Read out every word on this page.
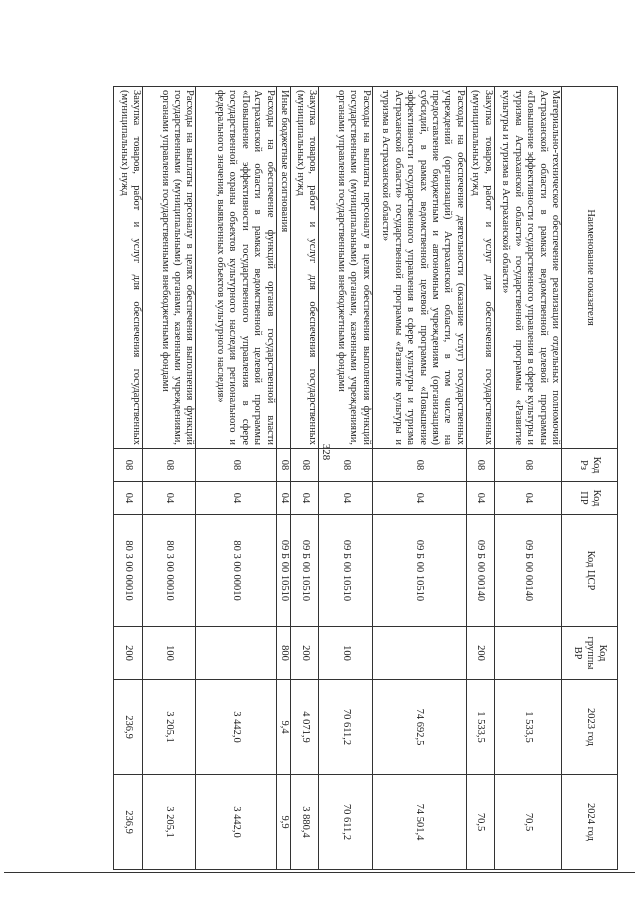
328
Наименование показателя	Код Рз	Код ПР	Код ЦСР	Код группы ВР	2023 год	2024 год
Материально-техническое обеспечение реализации отдельных полномочий Астраханской области в рамках ведомственной целевой программы «Повышение эффективности государственного управления в сфере культуры и туризма Астраханской области» государственной программы «Развитие культуры и туризма в Астраханской области»	08	04	09 Б 00 00140		1 533,5	70,5
Закупка товаров, работ и услуг для обеспечения государственных (муниципальных) нужд	08	04	09 Б 00 00140	200	1 533,5	70,5
Расходы на обеспечение деятельности (оказание услуг) государственных учреждений (организаций) Астраханской области, в том числе на предоставление бюджетным и автономным учреждениям (организациям) субсидий, в рамках ведомственной целевой программы «Повышение эффективности государственного управления в сфере культуры и туризма Астраханской области» государственной программы «Развитие культуры и туризма в Астраханской области»	08	04	09 Б 00 10510		74 692,5	74 501,4
Расходы на выплаты персоналу в целях обеспечения выполнения функций государственными (муниципальными) органами, казенными учреждениями, органами управления государственными внебюджетными фондами	08	04	09 Б 00 10510	100	70 611,2	70 611,2
Закупка товаров, работ и услуг для обеспечения государственных (муниципальных) нужд	08	04	09 Б 00 10510	200	4 071,9	3 880,4
Иные бюджетные ассигнования	08	04	09 Б 00 10510	800	9,4	9,9
Расходы на обеспечение функций органов государственной власти Астраханской области в рамках ведомственной целевой программы «Повышение эффективности государственного управления в сфере государственной охраны объектов культурного наследия регионального и федерального значения, выявленных объектов культурного наследия»	08	04	80 3 00 00010		3 442,0	3 442,0
Расходы на выплаты персоналу в целях обеспечения выполнения функций государственными (муниципальными) органами, казенными учреждениями, органами управления государственными внебюджетными фондами	08	04	80 3 00 00010	100	3 205,1	3 205,1
Закупка товаров, работ и услуг для обеспечения государственных (муниципальных) нужд	08	04	80 3 00 00010	200	236,9	236,9
